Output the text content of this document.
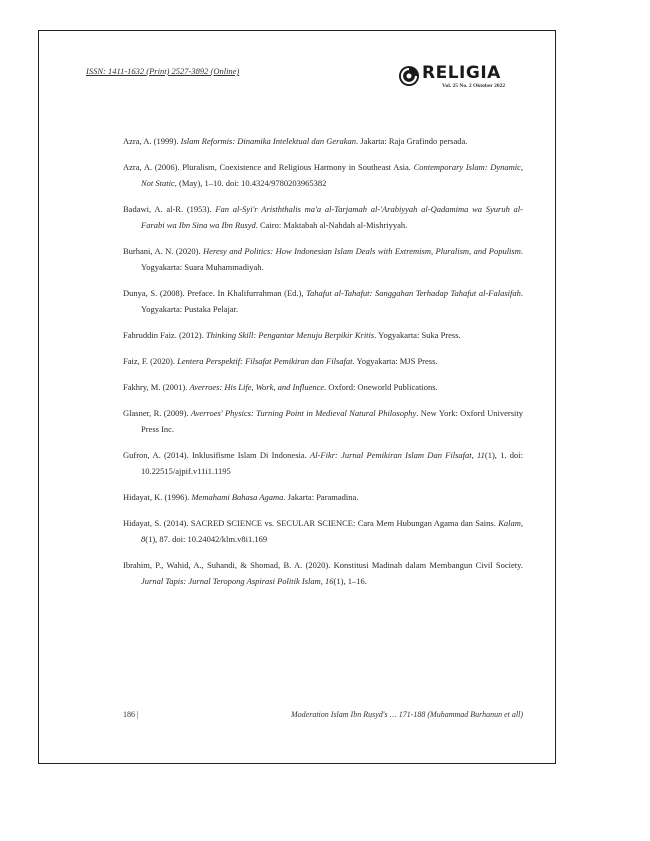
ISSN: 1411-1632 (Print) 2527-3892 (Online)	RELIGIA
Vol. 25 No. 2 Oktober 2022

Azra, A. (1999). Islam Reformis: Dinamika Intelektual dan Gerakan. Jakarta: Raja Grafindo persada.

Azra, A. (2006). Pluralism, Coexistence and Religious Harmony in Southeast Asia. Contemporary Islam: Dynamic, Not Static, (May), 1–10. doi: 10.4324/9780203965382

Badawi, A. al-R. (1953). Fan al-Syi'r Arisththalis ma'a al-Tarjamah al-'Arabiyyah al-Qadamima wa Syuruh al-Farabi wa Ibn Sina wa Ibn Rusyd. Cairo: Maktabah al-Nahdah al-Mishriyyah.

Burhani, A. N. (2020). Heresy and Politics: How Indonesian Islam Deals with Extremism, Pluralism, and Populism. Yogyakarta: Suara Muhammadiyah.

Dunya, S. (2008). Preface. In Khalifurrahman (Ed.), Tahafut al-Tahafut: Sanggahan Terhadap Tahafut al-Falasifah. Yogyakarta: Pustaka Pelajar.

Fahruddin Faiz. (2012). Thinking Skill: Pengantar Menuju Berpikir Kritis. Yogyakarta: Suka Press.

Faiz, F. (2020). Lentera Perspektif: Filsafat Pemikiran dan Filsafat. Yogyakarta: MJS Press.

Fakhry, M. (2001). Averroes: His Life, Work, and Influence. Oxford: Oneworld Publications.

Glasner, R. (2009). Averroes' Physics: Turning Point in Medieval Natural Philosophy. New York: Oxford University Press Inc.

Gufron, A. (2014). Inklusifisme Islam Di Indonesia. Al-Fikr: Jurnal Pemikiran Islam Dan Filsafat, 11(1), 1. doi: 10.22515/ajpif.v11i1.1195

Hidayat, K. (1996). Memahami Bahasa Agama. Jakarta: Paramadina.

Hidayat, S. (2014). SACRED SCIENCE vs. SECULAR SCIENCE: Cara Mem Hubungan Agama dan Sains. Kalam, 8(1), 87. doi: 10.24042/klm.v8i1.169

Ibrahim, P., Wahid, A., Suhandi, & Shomad, B. A. (2020). Konstitusi Madinah dalam Membangun Civil Society. Jurnal Tapis: Jurnal Teropong Aspirasi Politik Islam, 16(1), 1–16.

186 |	Moderation Islam Ibn Rusyd's … 171-188 (Muhammad Burhanun et all)
